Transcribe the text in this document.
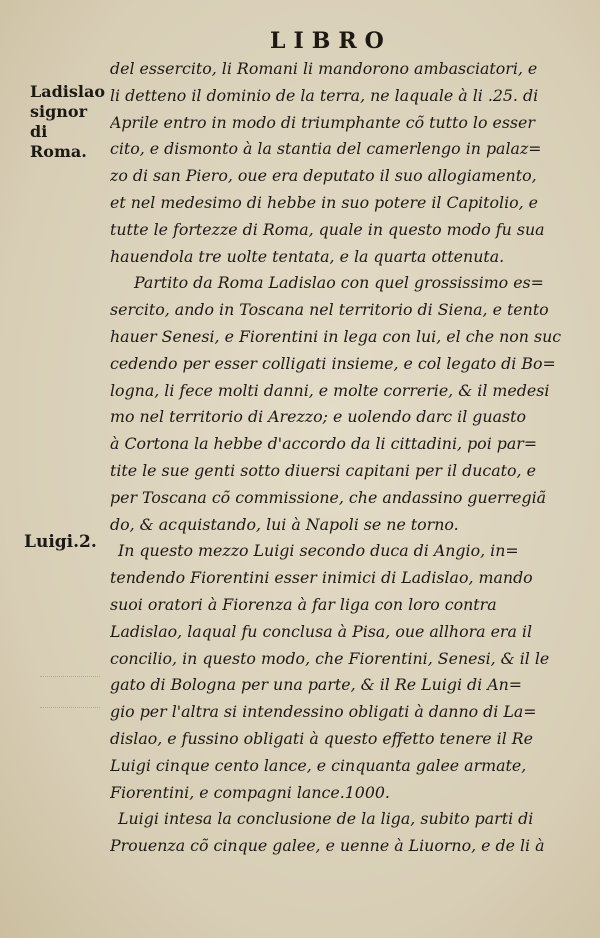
LIBRO
Ladislao signor di Roma.
Luigi.2.
del essercito, li Romani li mandorono ambasciatori, e
li detteno il dominio de la terra, ne laquale à li .25. di
Aprile entro in modo di triumphante cõ tutto lo esser
cito, e dismonto à la stantia del camerlengo in palaz=
zo di san Piero, oue era deputato il suo allogiamento,
et nel medesimo di hebbe in suo potere il Capitolio, e
tutte le fortezze di Roma, quale in questo modo fu sua
hauendola tre uolte tentata, e la quarta ottenuta.
Partito da Roma Ladislao con quel grossissimo es=
sercito, ando in Toscana nel territorio di Siena, e tento
hauer Senesi, e Fiorentini in lega con lui, el che non suc
cedendo per esser colligati insieme, e col legato di Bo=
logna, li fece molti danni, e molte correrie, & il medesi
mo nel territorio di Arezzo; e uolendo darc il guasto
à Cortona la hebbe d'accordo da li cittadini, poi par=
tite le sue genti sotto diuersi capitani per il ducato, e
per Toscana cõ commissione, che andassino guerregiã
do, & acquistando, lui à Napoli se ne torno.
In questo mezzo Luigi secondo duca di Angio, in=
tendendo Fiorentini esser inimici di Ladislao, mando
suoi oratori à Fiorenza à far liga con loro contra
Ladislao, laqual fu conclusa à Pisa, oue allhora era il
concilio, in questo modo, che Fiorentini, Senesi, & il le
gato di Bologna per una parte, & il Re Luigi di An=
gio per l'altra si intendessino obligati à danno di La=
dislao, e fussino obligati à questo effetto tenere il Re
Luigi cinque cento lance, e cinquanta galee armate,
Fiorentini, e compagni lance.1000.
Luigi intesa la conclusione de la liga, subito parti di
Prouenza cõ cinque galee, e uenne à Liuorno, e de li à
